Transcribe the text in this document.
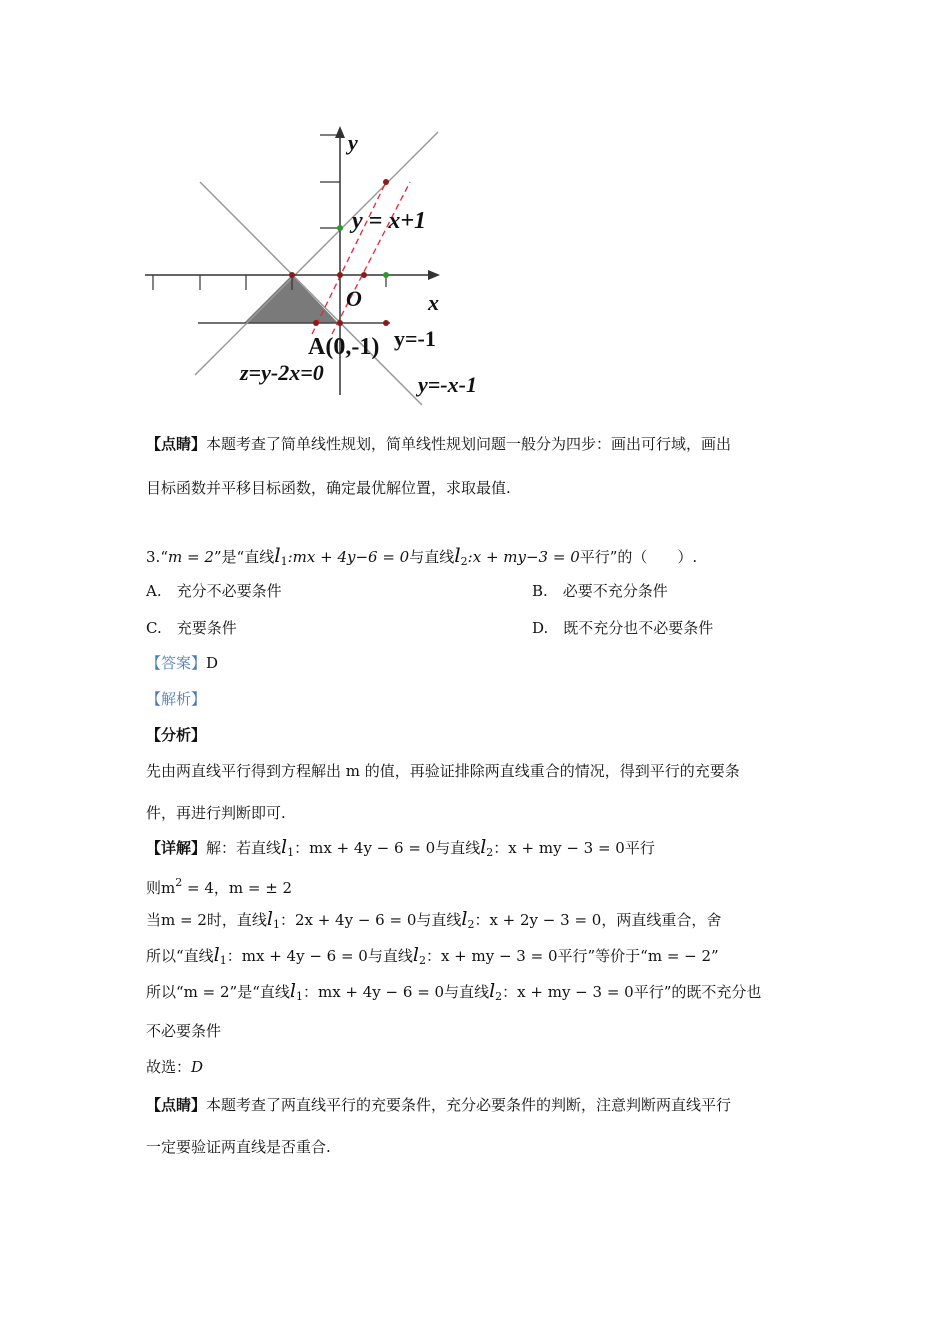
y
x
O
y = x+1
y=-1
A(0,-1)
z=y-2x=0	y=-x-1
【点睛】本题考查了简单线性规划，简单线性规划问题一般分为四步：画出可行域，画出
目标函数并平移目标函数，确定最优解位置，求取最值.
3.“m = 2”是“直线$l_1:mx + 4y-6 = 0$与直线$l_2:x + my-3 = 0$平行”的（　　）.
A.　充分不必要条件	B.　必要不充分条件
C.　充要条件	D.　既不充分也不必要条件
【答案】D
【解析】
【分析】
先由两直线平行得到方程解出 m 的值，再验证排除两直线重合的情况，得到平行的充要条
件，再进行判断即可.
【详解】解：若直线$l_1$：mx + 4y − 6 = 0与直线$l_2$：x + my − 3 = 0平行
则$m^2 = 4$，m = ± 2
当m = 2时，直线$l_1$：2x + 4y − 6 = 0与直线$l_2$：x + 2y − 3 = 0，两直线重合，舍
所以“直线$l_1$：mx + 4y − 6 = 0与直线$l_2$：x + my − 3 = 0平行”等价于“m = − 2”
所以“m = 2”是“直线$l_1$：mx + 4y − 6 = 0与直线$l_2$：x + my − 3 = 0平行”的既不充分也
不必要条件
故选：D
【点睛】本题考查了两直线平行的充要条件，充分必要条件的判断，注意判断两直线平行
一定要验证两直线是否重合.
